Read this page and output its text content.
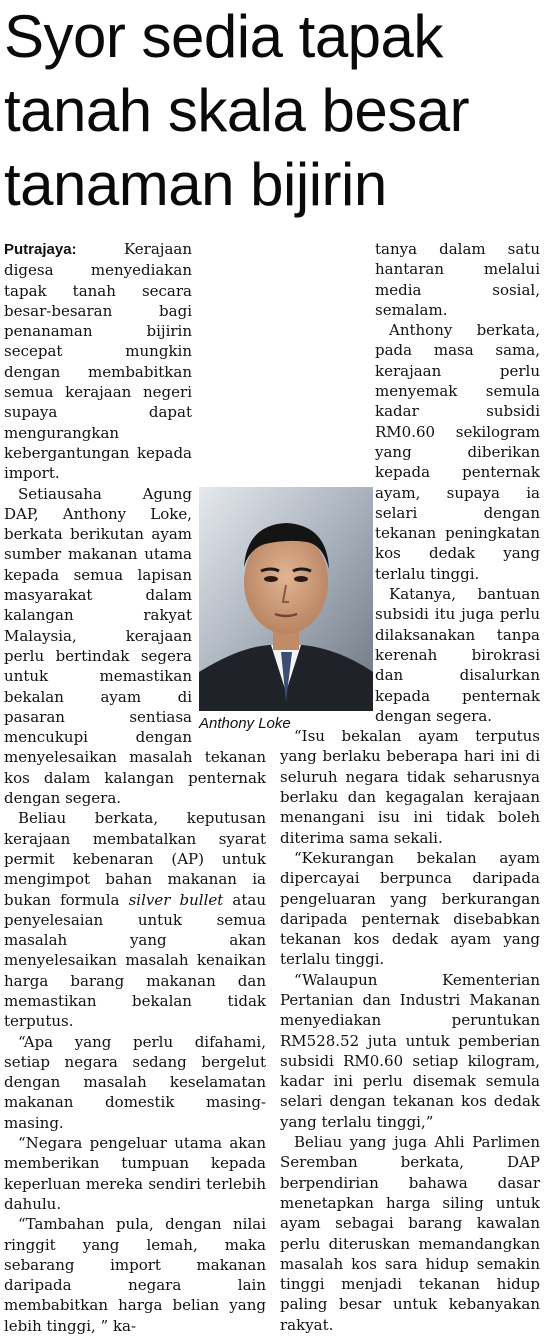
Syor sedia tapak
tanah skala besar
tanaman bijirin

Putrajaya:	Kerajaan digesa menyediakan tapak tanah secara besar-besaran bagi penanaman bijirin secepat mungkin dengan membabitkan semua kerajaan negeri supaya dapat mengurangkan kebergantungan kepada import.

Setiausaha Agung DAP, Anthony Loke, berkata berikutan ayam sumber makanan utama kepada semua lapisan masyarakat dalam kalangan rakyat Malaysia, kerajaan perlu bertindak segera untuk memastikan bekalan ayam di pasaran sentiasa mencukupi dengan menyelesaikan masalah tekanan kos dalam kalangan penternak dengan segera.

Beliau berkata, keputusan kerajaan membatalkan syarat permit kebenaran (AP) untuk mengimpot bahan makanan ia bukan formula silver bullet atau penyelesaian untuk semua masalah yang akan menyelesaikan masalah kenaikan harga barang makanan dan memastikan bekalan tidak terputus.

“Apa yang perlu difahami, setiap negara sedang bergelut dengan masalah keselamatan makanan domestik masing-masing.

“Negara pengeluar utama akan memberikan tumpuan kepada keperluan mereka sendiri terlebih dahulu.

“Tambahan pula, dengan nilai ringgit yang lemah, maka sebarang import makanan daripada negara lain membabitkan harga belian yang lebih tinggi, ” ka-

tanya dalam satu hantaran melalui media sosial, semalam.

Anthony berkata, pada masa sama, kerajaan perlu menyemak semula kadar subsidi RM0.60 sekilogram yang diberikan kepada penternak ayam, supaya ia selari dengan tekanan peningkatan kos dedak yang terlalu tinggi.

Katanya, bantuan subsidi itu juga perlu dilaksanakan tanpa kerenah birokrasi dan disalurkan kepada penternak dengan segera.

“Isu bekalan ayam terputus yang berlaku beberapa hari ini di seluruh negara tidak seharusnya berlaku dan kegagalan kerajaan menangani isu ini tidak boleh diterima sama sekali.

“Kekurangan bekalan ayam dipercayai berpunca daripada pengeluaran yang berkurangan daripada penternak disebabkan tekanan kos dedak ayam yang terlalu tinggi.

“Walaupun Kementerian Pertanian dan Industri Makanan menyediakan peruntukan RM528.52 juta untuk pemberian subsidi RM0.60 setiap kilogram, kadar ini perlu disemak semula selari dengan tekanan kos dedak yang terlalu tinggi,”

Beliau yang juga Ahli Parlimen Seremban berkata, DAP berpendirian bahawa dasar menetapkan harga siling untuk ayam sebagai barang kawalan perlu diteruskan memandangkan masalah kos sara hidup semakin tinggi menjadi tekanan hidup paling besar untuk kebanyakan rakyat.

Anthony Loke
